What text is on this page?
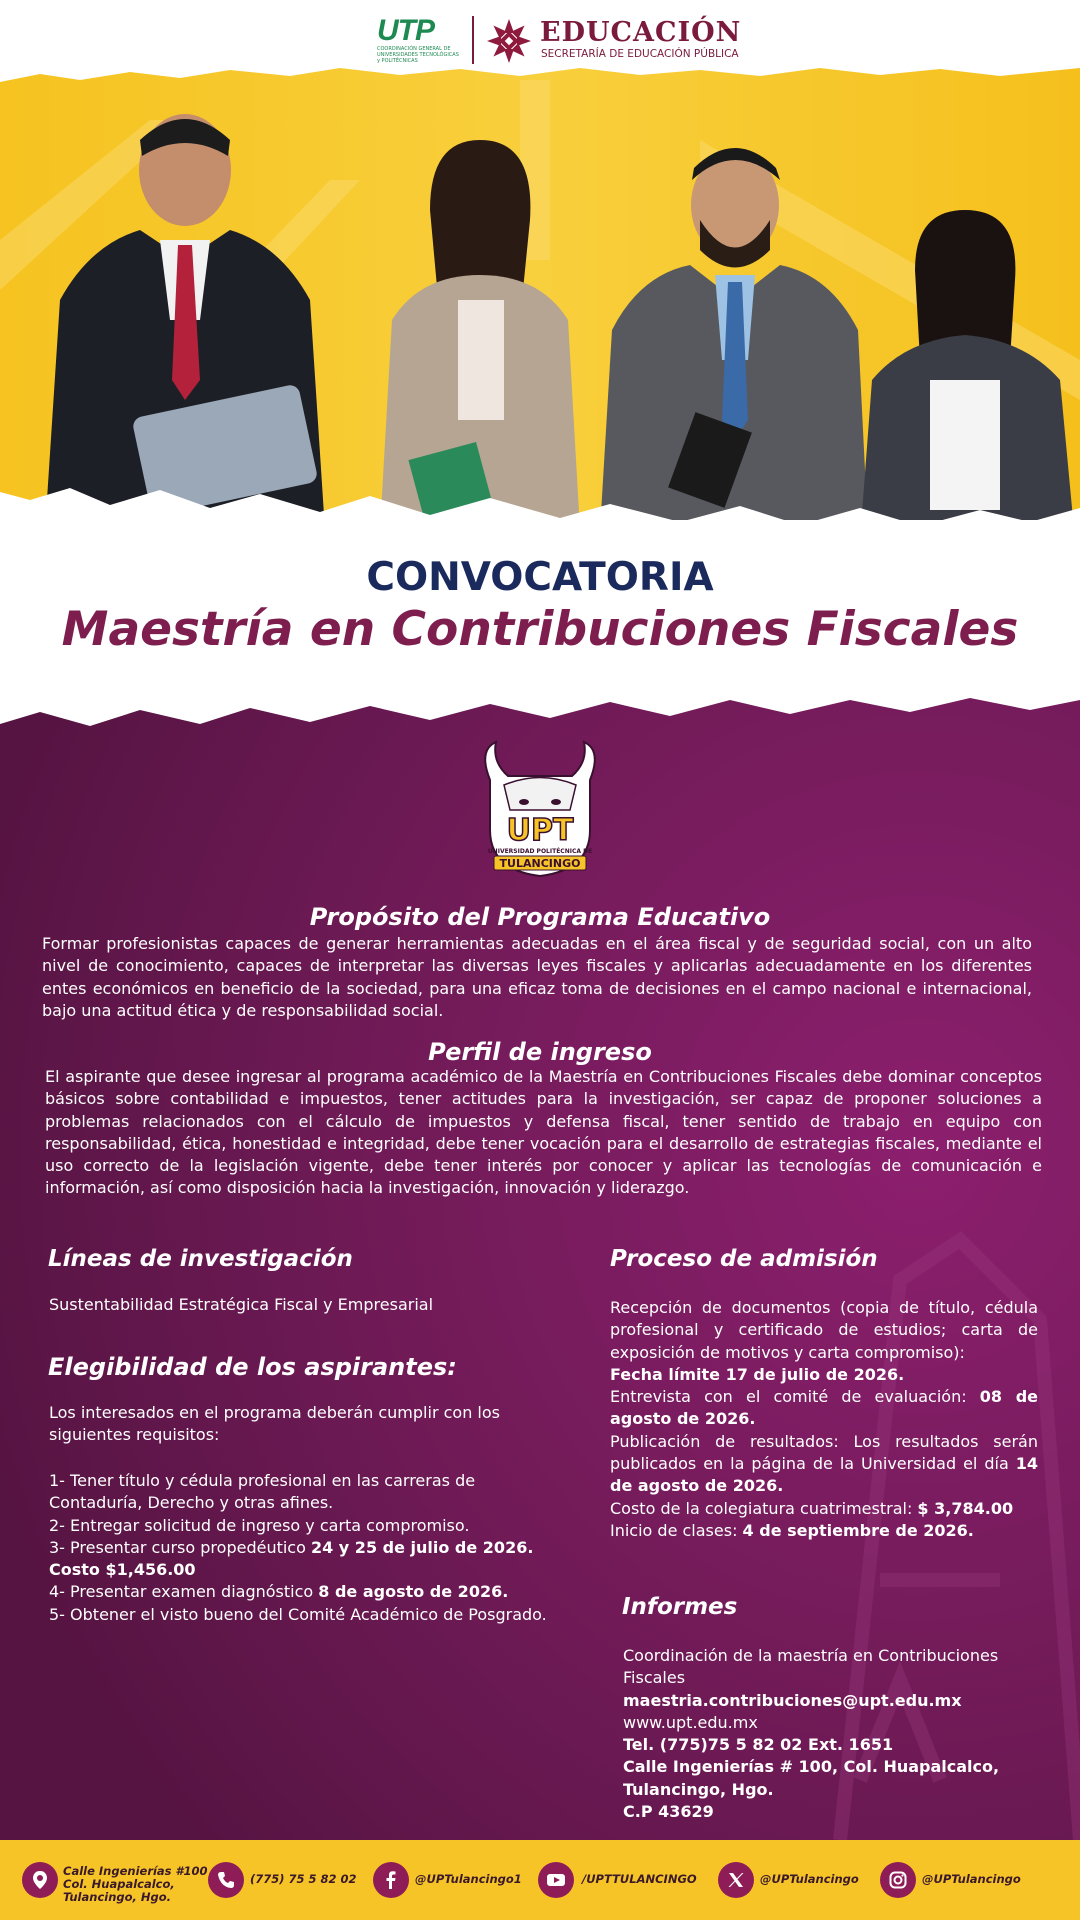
UTP
COORDINACIÓN GENERAL DE UNIVERSIDADES TECNOLÓGICAS y POLITÉCNICAS
EDUCACIÓN
SECRETARÍA DE EDUCACIÓN PÚBLICA
CONVOCATORIA
Maestría en Contribuciones Fiscales
UPT
UNIVERSIDAD POLITÉCNICA DE
TULANCINGO
Propósito del Programa Educativo
Formar profesionistas capaces de generar herramientas adecuadas en el área fiscal y de seguridad social, con un alto nivel de conocimiento, capaces de interpretar las diversas leyes fiscales y aplicarlas adecuadamente en los diferentes entes económicos en beneficio de la sociedad, para una eficaz toma de decisiones en el campo nacional e internacional, bajo una actitud ética y de responsabilidad social.
Perfil de ingreso
El aspirante que desee ingresar al programa académico de la Maestría en Contribuciones Fiscales debe dominar conceptos básicos sobre contabilidad e impuestos, tener actitudes para la investigación, ser capaz de proponer soluciones a problemas relacionados con el cálculo de impuestos y defensa fiscal, tener sentido de trabajo en equipo con responsabilidad, ética, honestidad e integridad, debe tener vocación para el desarrollo de estrategias fiscales, mediante el uso correcto de la legislación vigente, debe tener interés por conocer y aplicar las tecnologías de comunicación e información, así como disposición hacia la investigación, innovación y liderazgo.
Líneas de investigación
Sustentabilidad Estratégica Fiscal y Empresarial
Elegibilidad de los aspirantes:
Los interesados en el programa deberán cumplir con los siguientes requisitos:
1- Tener título y cédula profesional en las carreras de Contaduría, Derecho y otras afines.
2- Entregar solicitud de ingreso y carta compromiso.
3- Presentar curso propedéutico 24 y 25 de julio de 2026.
Costo $1,456.00
4- Presentar examen diagnóstico 8 de agosto de 2026.
5- Obtener el visto bueno del Comité Académico de Posgrado.
Proceso de admisión
Recepción de documentos (copia de título, cédula profesional y certificado de estudios; carta de exposición de motivos y carta compromiso):
Fecha límite 17 de julio de 2026.
Entrevista con el comité de evaluación: 08 de agosto de 2026.
Publicación de resultados: Los resultados serán publicados en la página de la Universidad el día 14 de agosto de 2026.
Costo de la colegiatura cuatrimestral: $ 3,784.00
Inicio de clases: 4 de septiembre de 2026.
Informes
Coordinación de la maestría en Contribuciones Fiscales
maestria.contribuciones@upt.edu.mx
www.upt.edu.mx
Tel. (775)75 5 82 02 Ext. 1651
Calle Ingenierías # 100, Col. Huapalcalco,
Tulancingo, Hgo.
C.P 43629
Calle Ingenierías #100
Col. Huapalcalco,
Tulancingo, Hgo.
(775) 75 5 82 02	@UPTulancingo1	/UPTTULANCINGO	@UPTulancingo	@UPTulancingo
